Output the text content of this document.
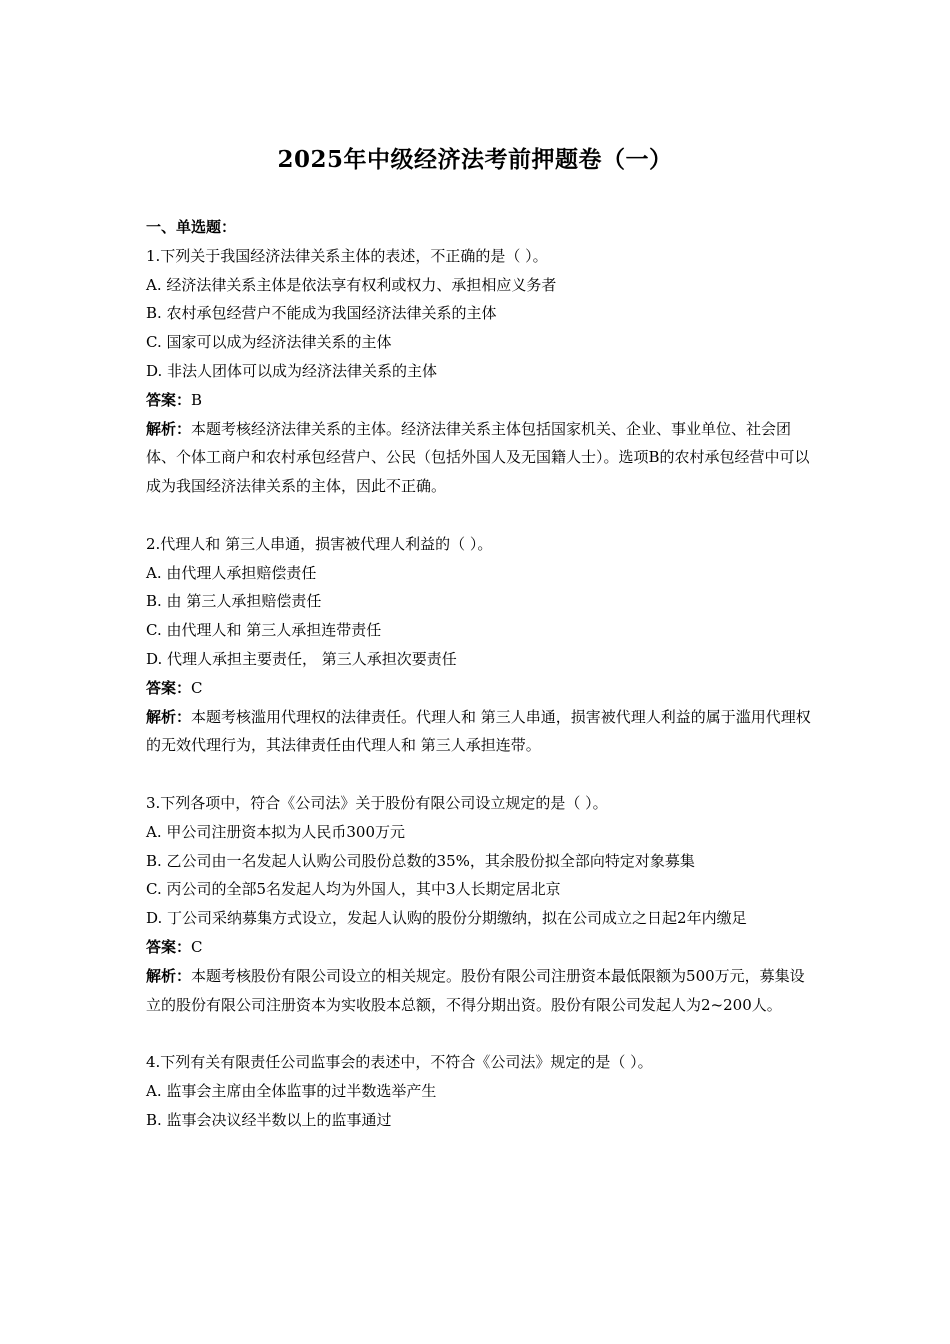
2025年中级经济法考前押题卷（一）

一、单选题：

1.下列关于我国经济法律关系主体的表述，不正确的是（ ）。

A. 经济法律关系主体是依法享有权利或权力、承担相应义务者

B. 农村承包经营户不能成为我国经济法律关系的主体

C. 国家可以成为经济法律关系的主体

D. 非法人团体可以成为经济法律关系的主体

答案：B

解析：本题考核经济法律关系的主体。经济法律关系主体包括国家机关、企业、事业单位、社会团体、个体工商户和农村承包经营户、公民（包括外国人及无国籍人士）。选项B的农村承包经营中可以成为我国经济法律关系的主体，因此不正确。

2.代理人和 第三人串通，损害被代理人利益的（ ）。

A. 由代理人承担赔偿责任

B. 由 第三人承担赔偿责任

C. 由代理人和 第三人承担连带责任

D. 代理人承担主要责任， 第三人承担次要责任

答案：C

解析：本题考核滥用代理权的法律责任。代理人和 第三人串通，损害被代理人利益的属于滥用代理权的无效代理行为，其法律责任由代理人和 第三人承担连带。

3.下列各项中，符合《公司法》关于股份有限公司设立规定的是（ ）。

A. 甲公司注册资本拟为人民币300万元

B. 乙公司由一名发起人认购公司股份总数的35%，其余股份拟全部向特定对象募集

C. 丙公司的全部5名发起人均为外国人，其中3人长期定居北京

D. 丁公司采纳募集方式设立，发起人认购的股份分期缴纳，拟在公司成立之日起2年内缴足

答案：C

解析：本题考核股份有限公司设立的相关规定。股份有限公司注册资本最低限额为500万元，募集设立的股份有限公司注册资本为实收股本总额，不得分期出资。股份有限公司发起人为2~200人。

4.下列有关有限责任公司监事会的表述中，不符合《公司法》规定的是（ ）。

A. 监事会主席由全体监事的过半数选举产生

B. 监事会决议经半数以上的监事通过
